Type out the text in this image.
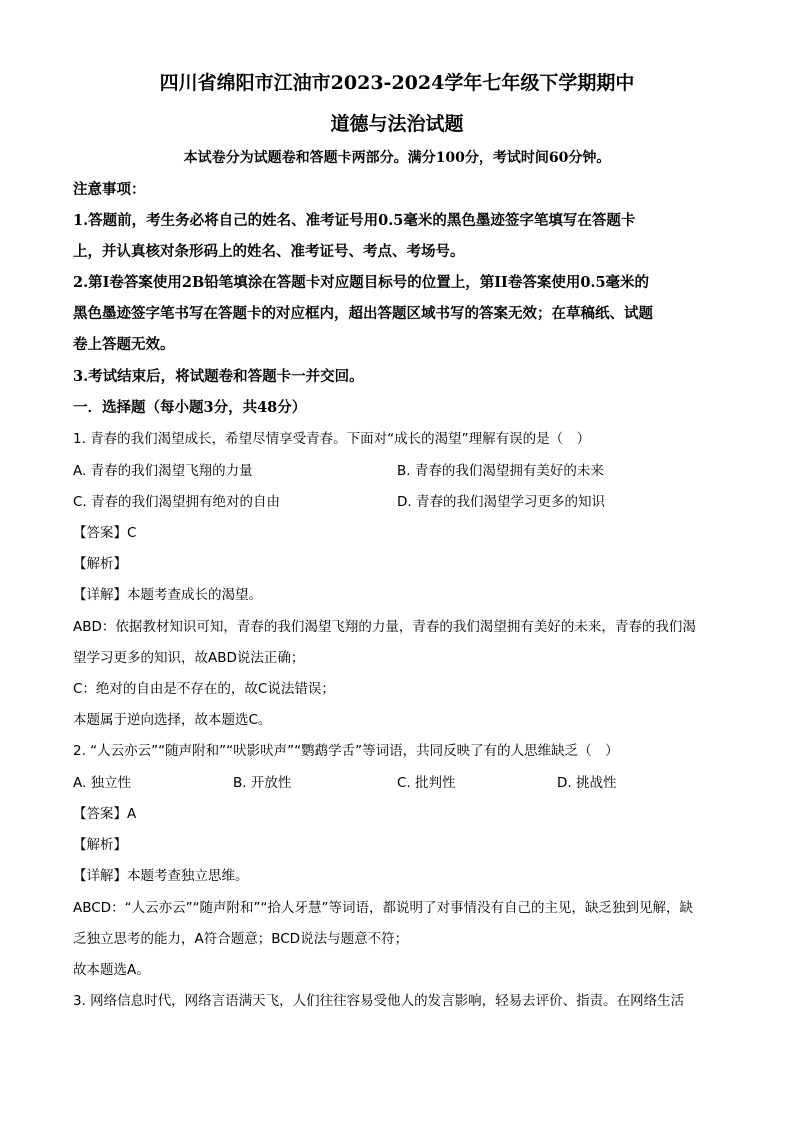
四川省绵阳市江油市2023-2024学年七年级下学期期中
道德与法治试题
本试卷分为试题卷和答题卡两部分。满分100分，考试时间60分钟。
注意事项：
1.答题前，考生务必将自己的姓名、准考证号用0.5毫米的黑色墨迹签字笔填写在答题卡
上，并认真核对条形码上的姓名、准考证号、考点、考场号。
2.第I卷答案使用2B铅笔填涂在答题卡对应题目标号的位置上，第II卷答案使用0.5毫米的
黑色墨迹签字笔书写在答题卡的对应框内，超出答题区域书写的答案无效；在草稿纸、试题
卷上答题无效。
3.考试结束后，将试题卷和答题卡一并交回。
一．选择题（每小题3分，共48分）
1. 青春的我们渴望成长，希望尽情享受青春。下面对“成长的渴望”理解有误的是（　）
A. 青春的我们渴望飞翔的力量	B. 青春的我们渴望拥有美好的未来
C. 青春的我们渴望拥有绝对的自由	D. 青春的我们渴望学习更多的知识
【答案】C
【解析】
【详解】本题考查成长的渴望。
ABD：依据教材知识可知，青春的我们渴望飞翔的力量，青春的我们渴望拥有美好的未来，青春的我们渴
望学习更多的知识，故ABD说法正确；
C：绝对的自由是不存在的，故C说法错误；
本题属于逆向选择，故本题选C。
2. “人云亦云”“随声附和”“吠影吠声”“鹦鹉学舌”等词语，共同反映了有的人思维缺乏（　）
A. 独立性	B. 开放性	C. 批判性	D. 挑战性
【答案】A
【解析】
【详解】本题考查独立思维。
ABCD：“人云亦云”“随声附和”“拾人牙慧”等词语，都说明了对事情没有自己的主见，缺乏独到见解，缺
乏独立思考的能力，A符合题意；BCD说法与题意不符；
故本题选A。
3. 网络信息时代，网络言语满天飞，人们往往容易受他人的发言影响，轻易去评价、指责。在网络生活
